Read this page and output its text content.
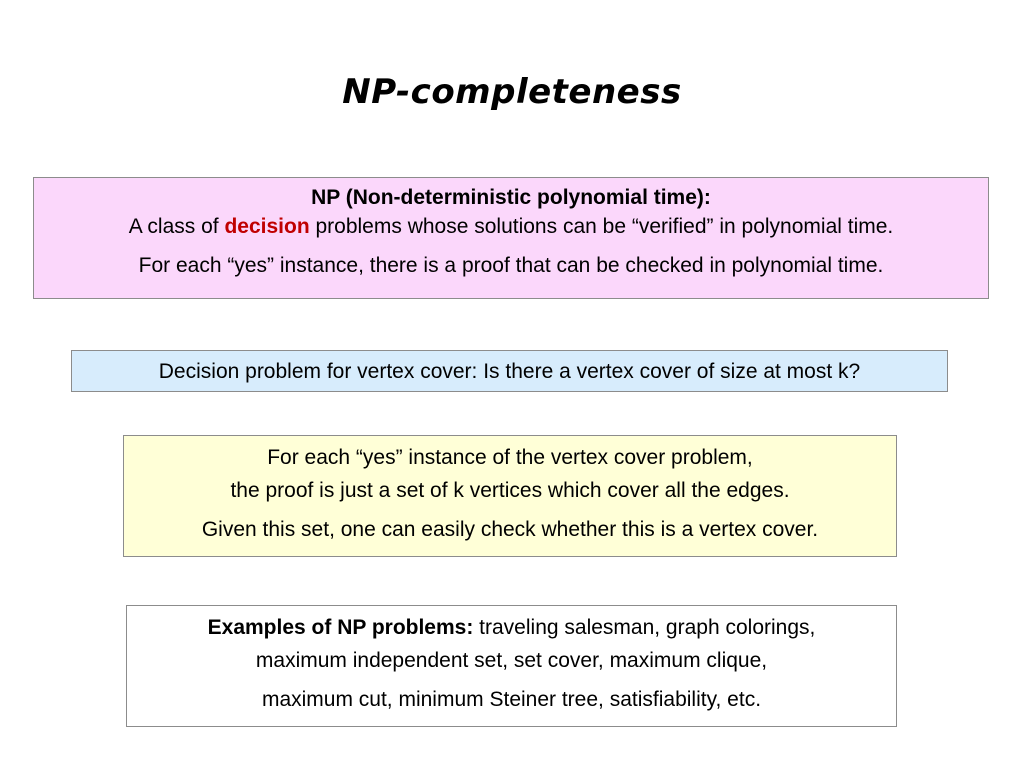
NP-completeness
NP (Non-deterministic polynomial time):
A class of decision problems whose solutions can be “verified” in polynomial time.
For each “yes” instance, there is a proof that can be checked in polynomial time.
Decision problem for vertex cover: Is there a vertex cover of size at most k?
For each “yes” instance of the vertex cover problem,
the proof is just a set of k vertices which cover all the edges.
Given this set, one can easily check whether this is a vertex cover.
Examples of NP problems: traveling salesman, graph colorings,
maximum independent set, set cover, maximum clique,
maximum cut, minimum Steiner tree, satisfiability, etc.
